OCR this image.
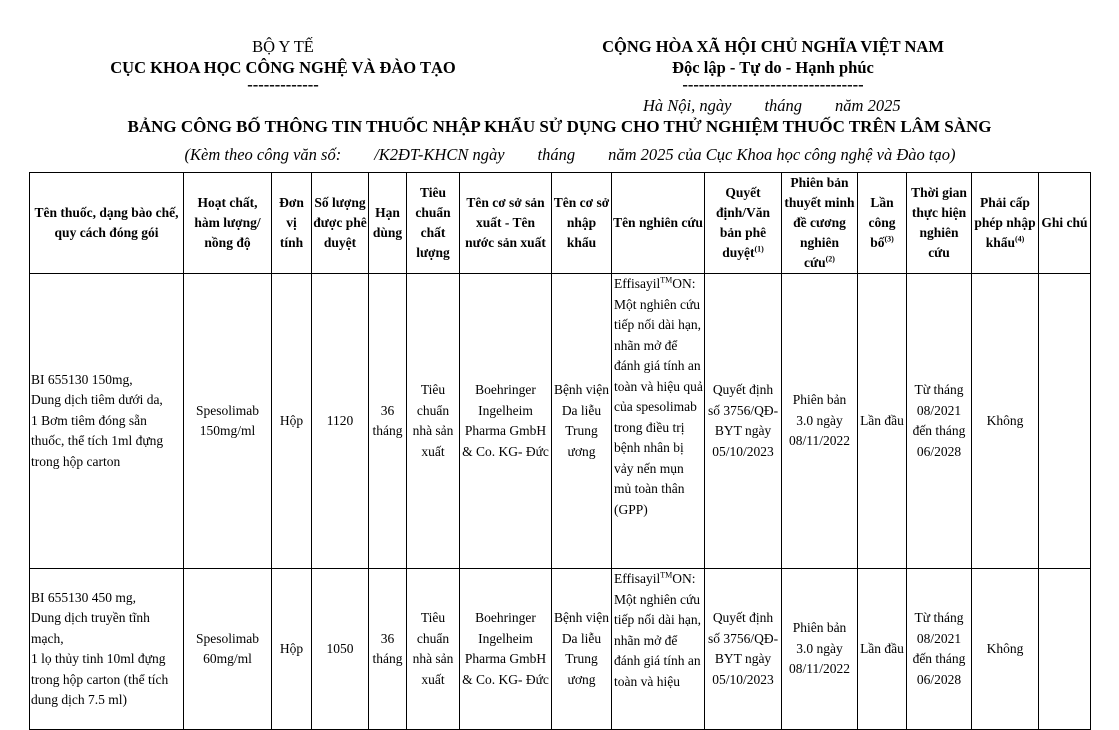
BỘ Y TẾ
CỤC KHOA HỌC CÔNG NGHỆ VÀ ĐÀO TẠO
-------------
CỘNG HÒA XÃ HỘI CHỦ NGHĨA VIỆT NAM
Độc lập - Tự do - Hạnh phúc
---------------------------------
Hà Nội, ngày        tháng        năm 2025
BẢNG CÔNG BỐ THÔNG TIN THUỐC NHẬP KHẨU SỬ DỤNG CHO THỬ NGHIỆM THUỐC TRÊN LÂM SÀNG
(Kèm theo công văn số:        /K2ĐT-KHCN ngày        tháng        năm 2025 của Cục Khoa học công nghệ và Đào tạo)
Tên thuốc, dạng bào chế, quy cách đóng gói	Hoạt chất, hàm lượng/ nồng độ	Đơn vị tính	Số lượng được phê duyệt	Hạn dùng	Tiêu chuẩn chất lượng	Tên cơ sở sản xuất - Tên nước sản xuất	Tên cơ sở nhập khẩu	Tên nghiên cứu	Quyết định/Văn bản phê duyệt$^{(1)}$	Phiên bản thuyết minh đề cương nghiên cứu$^{(2)}$	Lần công bố$^{(3)}$	Thời gian thực hiện nghiên cứu	Phải cấp phép nhập khẩu$^{(4)}$	Ghi chú
BI 655130 150mg,
Dung dịch tiêm dưới da,
1 Bơm tiêm đóng sẵn thuốc, thể tích 1ml đựng trong hộp carton	Spesolimab 150mg/ml	Hộp	1120	36 tháng	Tiêu chuẩn nhà sản xuất	Boehringer Ingelheim Pharma GmbH & Co. KG- Đức	Bệnh viện Da liễu Trung ương	Effisayil™ON: Một nghiên cứu tiếp nối dài hạn, nhãn mở để đánh giá tính an toàn và hiệu quả của spesolimab trong điều trị bệnh nhân bị vảy nến mụn mủ toàn thân (GPP)	Quyết định số 3756/QĐ-BYT ngày 05/10/2023	Phiên bản 3.0 ngày 08/11/2022	Lần đầu	Từ tháng 08/2021 đến tháng 06/2028	Không	
BI 655130 450 mg,
Dung dịch truyền tĩnh mạch,
1 lọ thủy tinh 10ml đựng trong hộp carton (thể tích dung dịch 7.5 ml)	Spesolimab 60mg/ml	Hộp	1050	36 tháng	Tiêu chuẩn nhà sản xuất	Boehringer Ingelheim Pharma GmbH & Co. KG- Đức	Bệnh viện Da liễu Trung ương	Effisayil™ON: Một nghiên cứu tiếp nối dài hạn, nhãn mở để đánh giá tính an toàn và hiệu	Quyết định số 3756/QĐ-BYT ngày 05/10/2023	Phiên bản 3.0 ngày 08/11/2022	Lần đầu	Từ tháng 08/2021 đến tháng 06/2028	Không	
